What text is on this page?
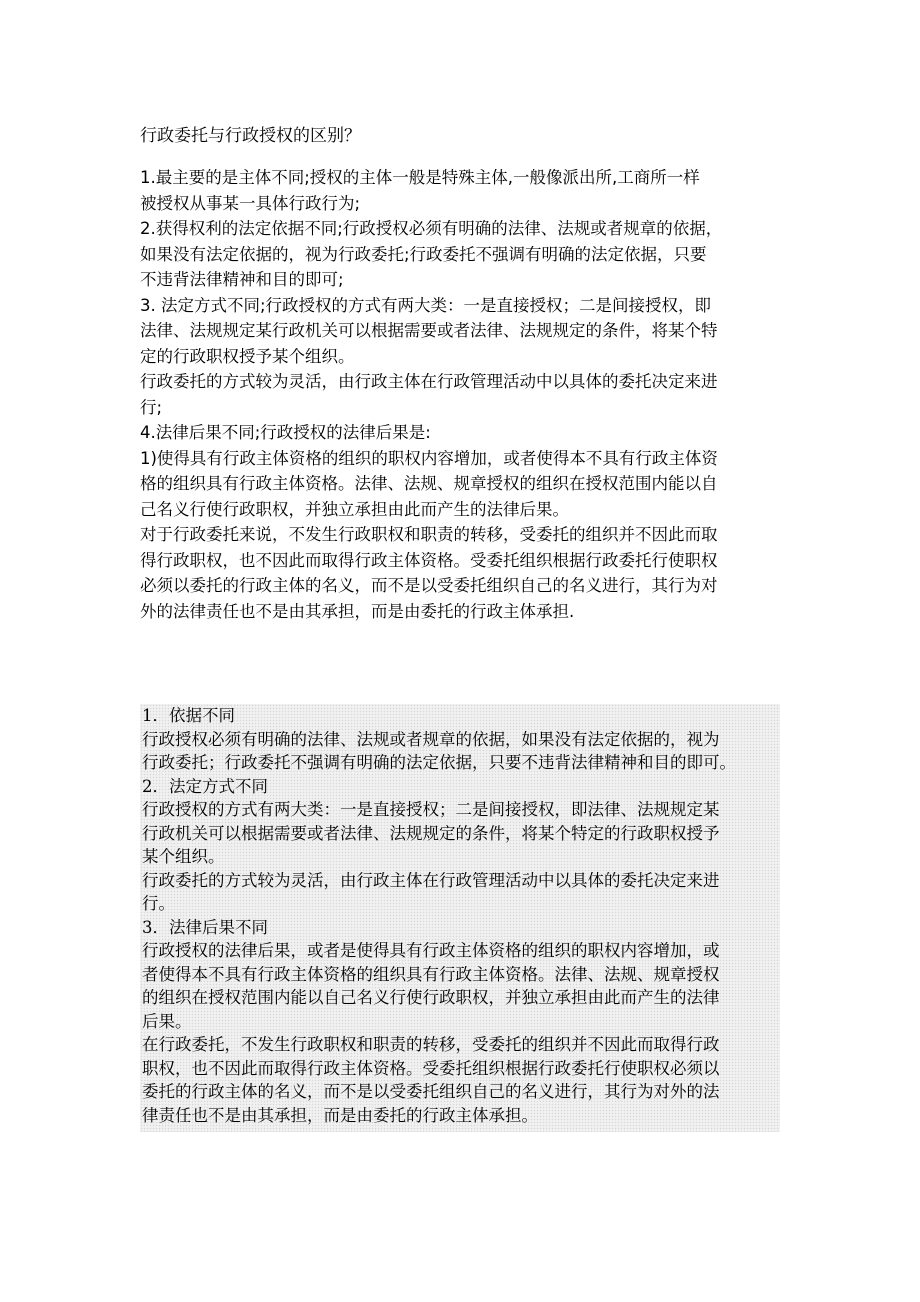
行政委托与行政授权的区别？

1.最主要的是主体不同;授权的主体一般是特殊主体,一般像派出所,工商所一样

被授权从事某一具体行政行为;

2.获得权利的法定依据不同;行政授权必须有明确的法律、法规或者规章的依据，

如果没有法定依据的，视为行政委托;行政委托不强调有明确的法定依据，只要

不违背法律精神和目的即可;

3. 法定方式不同;行政授权的方式有两大类：一是直接授权；二是间接授权，即

法律、法规规定某行政机关可以根据需要或者法律、法规规定的条件，将某个特

定的行政职权授予某个组织。

行政委托的方式较为灵活，由行政主体在行政管理活动中以具体的委托决定来进

行;

4.法律后果不同;行政授权的法律后果是:

1)使得具有行政主体资格的组织的职权内容增加，或者使得本不具有行政主体资

格的组织具有行政主体资格。法律、法规、规章授权的组织在授权范围内能以自

己名义行使行政职权，并独立承担由此而产生的法律后果。

对于行政委托来说，不发生行政职权和职责的转移，受委托的组织并不因此而取

得行政职权，也不因此而取得行政主体资格。受委托组织根据行政委托行使职权

必须以委托的行政主体的名义，而不是以受委托组织自己的名义进行，其行为对

外的法律责任也不是由其承担，而是由委托的行政主体承担.

1．依据不同

行政授权必须有明确的法律、法规或者规章的依据，如果没有法定依据的，视为

行政委托；行政委托不强调有明确的法定依据，只要不违背法律精神和目的即可。

2．法定方式不同

行政授权的方式有两大类：一是直接授权；二是间接授权，即法律、法规规定某

行政机关可以根据需要或者法律、法规规定的条件，将某个特定的行政职权授予

某个组织。

行政委托的方式较为灵活，由行政主体在行政管理活动中以具体的委托决定来进

行。

3．法律后果不同

行政授权的法律后果，或者是使得具有行政主体资格的组织的职权内容增加，或

者使得本不具有行政主体资格的组织具有行政主体资格。法律、法规、规章授权

的组织在授权范围内能以自己名义行使行政职权，并独立承担由此而产生的法律

后果。

在行政委托，不发生行政职权和职责的转移，受委托的组织并不因此而取得行政

职权，也不因此而取得行政主体资格。受委托组织根据行政委托行使职权必须以

委托的行政主体的名义，而不是以受委托组织自己的名义进行，其行为对外的法

律责任也不是由其承担，而是由委托的行政主体承担。
